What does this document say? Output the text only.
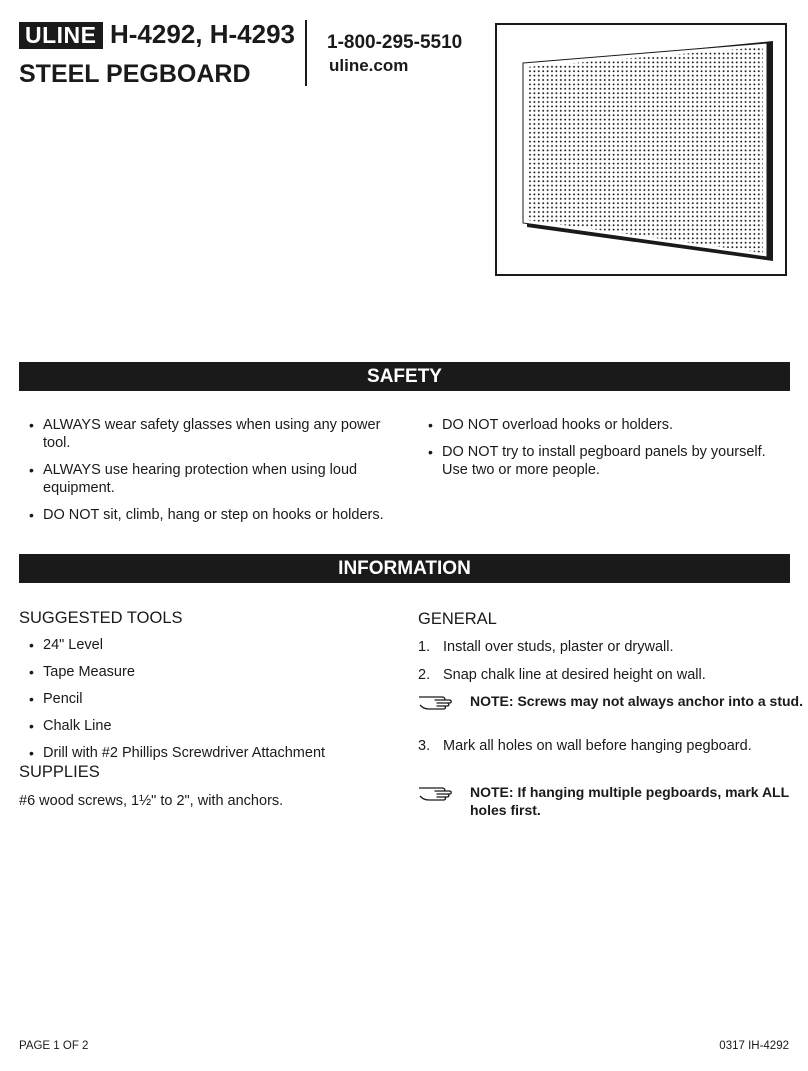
ULINE H-4292, H-4293
STEEL PEGBOARD
1-800-295-5510
uline.com
SAFETY
• ALWAYS wear safety glasses when using any power tool.
• ALWAYS use hearing protection when using loud equipment.
• DO NOT sit, climb, hang or step on hooks or holders.
• DO NOT overload hooks or holders.
• DO NOT try to install pegboard panels by yourself. Use two or more people.
INFORMATION
SUGGESTED TOOLS
• 24" Level
• Tape Measure
• Pencil
• Chalk Line
• Drill with #2 Phillips Screwdriver Attachment
SUPPLIES
#6 wood screws, 1½" to 2", with anchors.
GENERAL
1. Install over studs, plaster or drywall.
2. Snap chalk line at desired height on wall.
NOTE: Screws may not always anchor into a stud.
3. Mark all holes on wall before hanging pegboard.
NOTE: If hanging multiple pegboards, mark ALL holes first.
PAGE 1 OF 2	0317 IH-4292
